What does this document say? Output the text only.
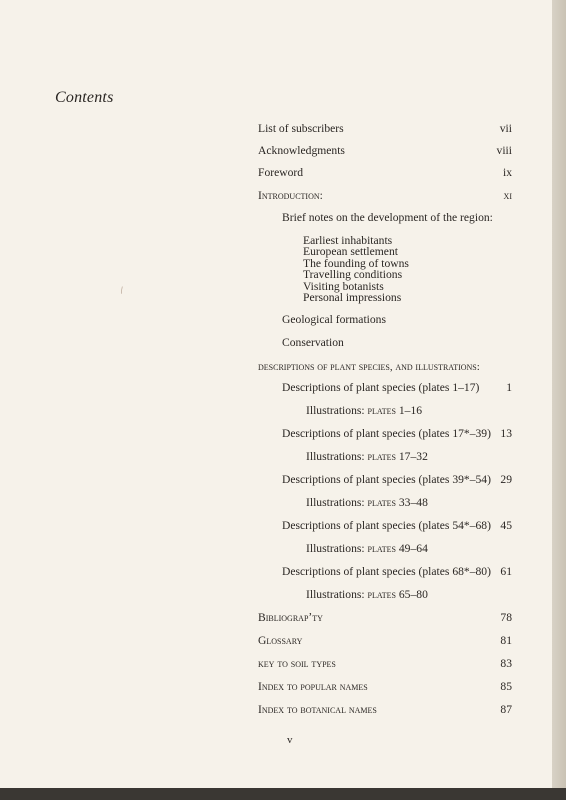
Contents
List of subscribers	vii
Acknowledgments	viii
Foreword	ix
Introduction:	xi
Brief notes on the development of the region:
Earliest inhabitants
European settlement
The founding of towns
Travelling conditions
Visiting botanists
Personal impressions
⁄
Geological formations
Conservation
descriptions of plant species, and illustrations:
Descriptions of plant species (plates 1–17)	1
Illustrations: plates 1–16
Descriptions of plant species (plates 17*–39) 13
Illustrations: plates 17–32
Descriptions of plant species (plates 39*–54) 29
Illustrations: plates 33–48
Descriptions of plant species (plates 54*–68) 45
Illustrations: plates 49–64
Descriptions of plant species (plates 68*–80) 61
Illustrations: plates 65–80
Bibliograpʼty	78
Glossary	81
key to soil types	83
Index to popular names	85
Index to botanical names	87
v
